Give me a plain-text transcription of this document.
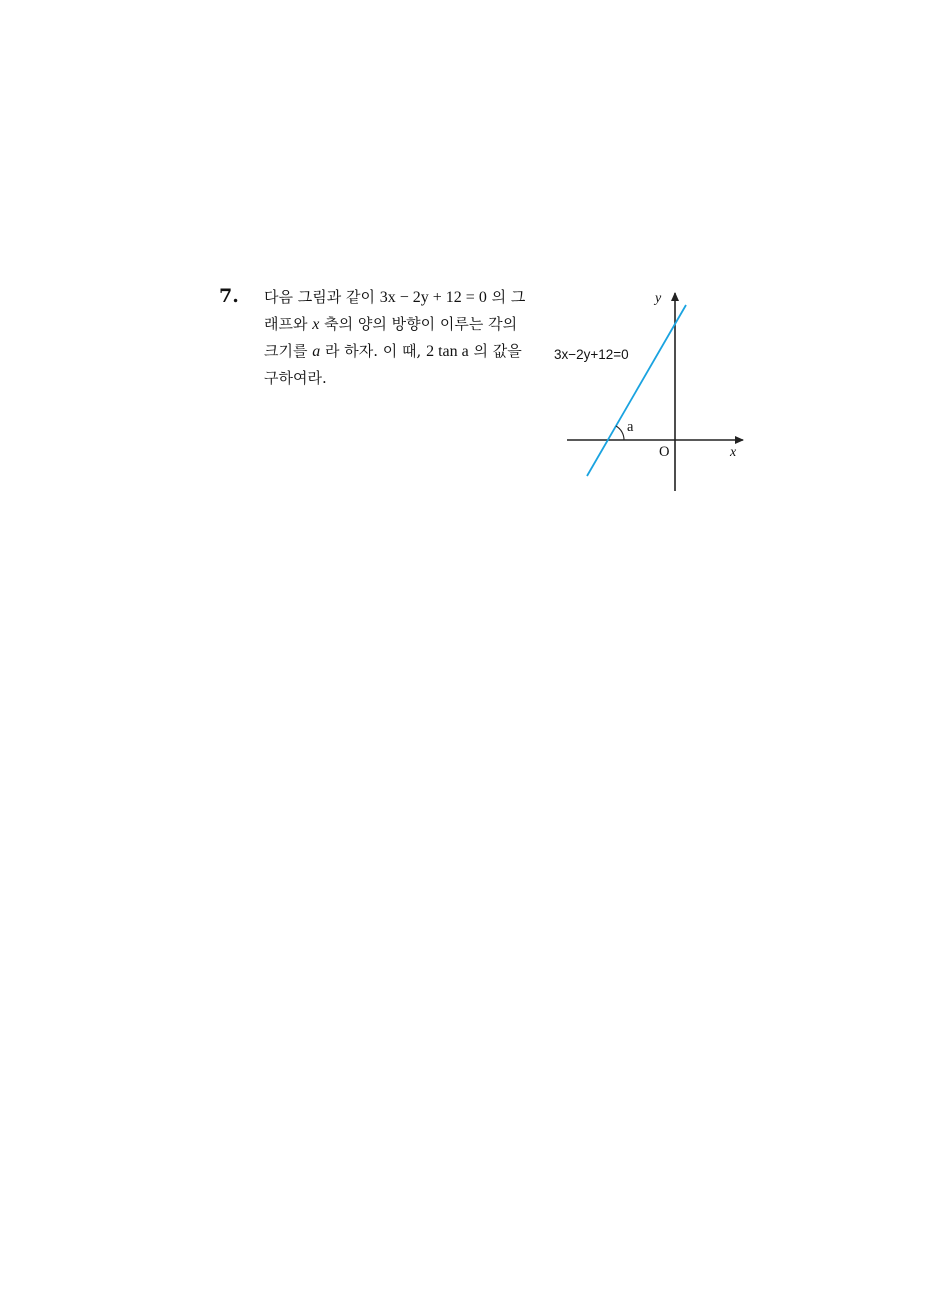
7. 다음 그림과 같이 3x − 2y + 12 = 0 의 그
래프와 x 축의 양의 방향이 이루는 각의
크기를 a 라 하자. 이 때, 2 tan a 의 값을
구하여라.
3x−2y+12=0
y
x
O
a
